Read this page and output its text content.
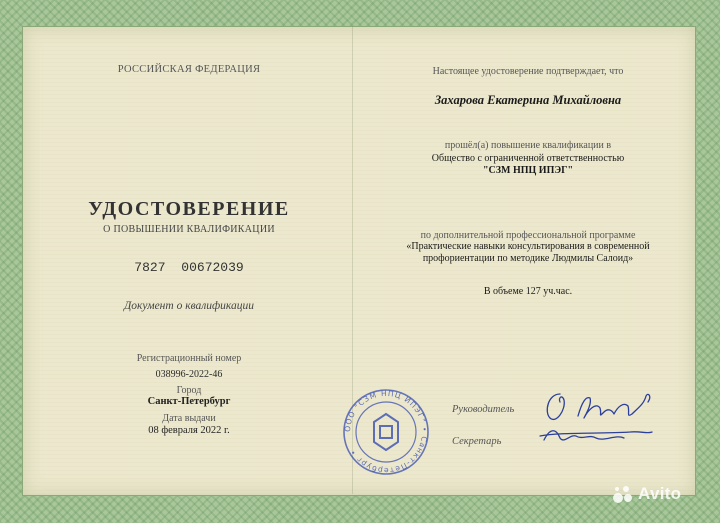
РОССИЙСКАЯ ФЕДЕРАЦИЯ
УДОСТОВЕРЕНИЕ
О ПОВЫШЕНИИ КВАЛИФИКАЦИИ
7827 00672039
Документ о квалификации
Регистрационный номер
038996-2022-46
Город
Санкт-Петербург
Дата выдачи
08 февраля 2022 г.
Настоящее удостоверение подтверждает, что
Захарова Екатерина Михайловна
прошёл(а) повышение квалификации в
Общество с ограниченной ответственностью
"СЗМ НПЦ ИПЭГ"
по дополнительной профессиональной программе
«Практические навыки консультирования в современной
профориентации по методике Людмилы Салоид»
В объеме 127 уч.час.
Руководитель
Секретарь
ООО "СЗМ НПЦ ИПЭГ" • Санкт-Петербург •
Avito
